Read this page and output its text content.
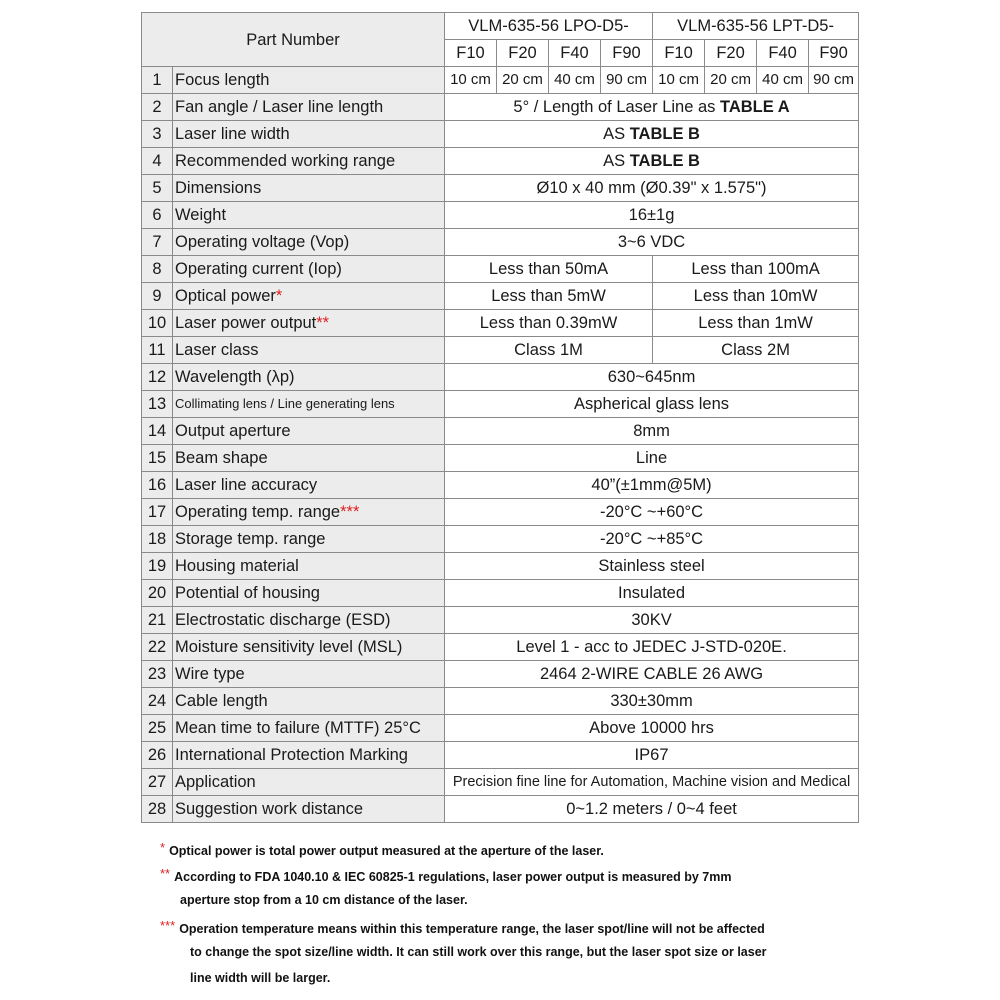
Part Number		VLM-635-56 LPO-D5-				VLM-635-56 LPT-D5-			
		F10	F20	F40	F90	F10	F20	F40	F90
1	Focus length	10 cm	20 cm	40 cm	90 cm	10 cm	20 cm	40 cm	90 cm
2	Fan angle / Laser line length	5° / Length of Laser Line as TABLE A							
3	Laser line width	AS TABLE B							
4	Recommended working range	AS TABLE B							
5	Dimensions	Ø10 x 40 mm (Ø0.39" x 1.575")							
6	Weight	16±1g							
7	Operating voltage (Vop)	3~6 VDC							
8	Operating current (Iop)	Less than 50mA				Less than 100mA			
9	Optical power*	Less than 5mW				Less than 10mW			
10	Laser power output**	Less than 0.39mW				Less than 1mW			
11	Laser class	Class 1M				Class 2M			
12	Wavelength (λp)	630~645nm							
13	Collimating lens / Line generating lens	Aspherical glass lens							
14	Output aperture	8mm							
15	Beam shape	Line							
16	Laser line accuracy	40”(±1mm@5M)							
17	Operating temp. range***	-20°C ~+60°C							
18	Storage temp. range	-20°C ~+85°C							
19	Housing material	Stainless steel							
20	Potential of housing	Insulated							
21	Electrostatic discharge (ESD)	30KV							
22	Moisture sensitivity level (MSL)	Level 1 - acc to JEDEC J-STD-020E.							
23	Wire type	2464 2-WIRE CABLE 26 AWG							
24	Cable length	330±30mm							
25	Mean time to failure (MTTF) 25°C	Above 10000 hrs							
26	International Protection Marking	IP67							
27	Application	Precision fine line for Automation, Machine vision and Medical							
28	Suggestion work distance	0~1.2 meters / 0~4 feet							

* Optical power is total power output measured at the aperture of the laser.

** According to FDA 1040.10 & IEC 60825-1 regulations, laser power output is measured by 7mm

aperture stop from a 10 cm distance of the laser.

*** Operation temperature means within this temperature range, the laser spot/line will not be affected

to change the spot size/line width. It can still work over this range, but the laser spot size or laser

line width will be larger.
